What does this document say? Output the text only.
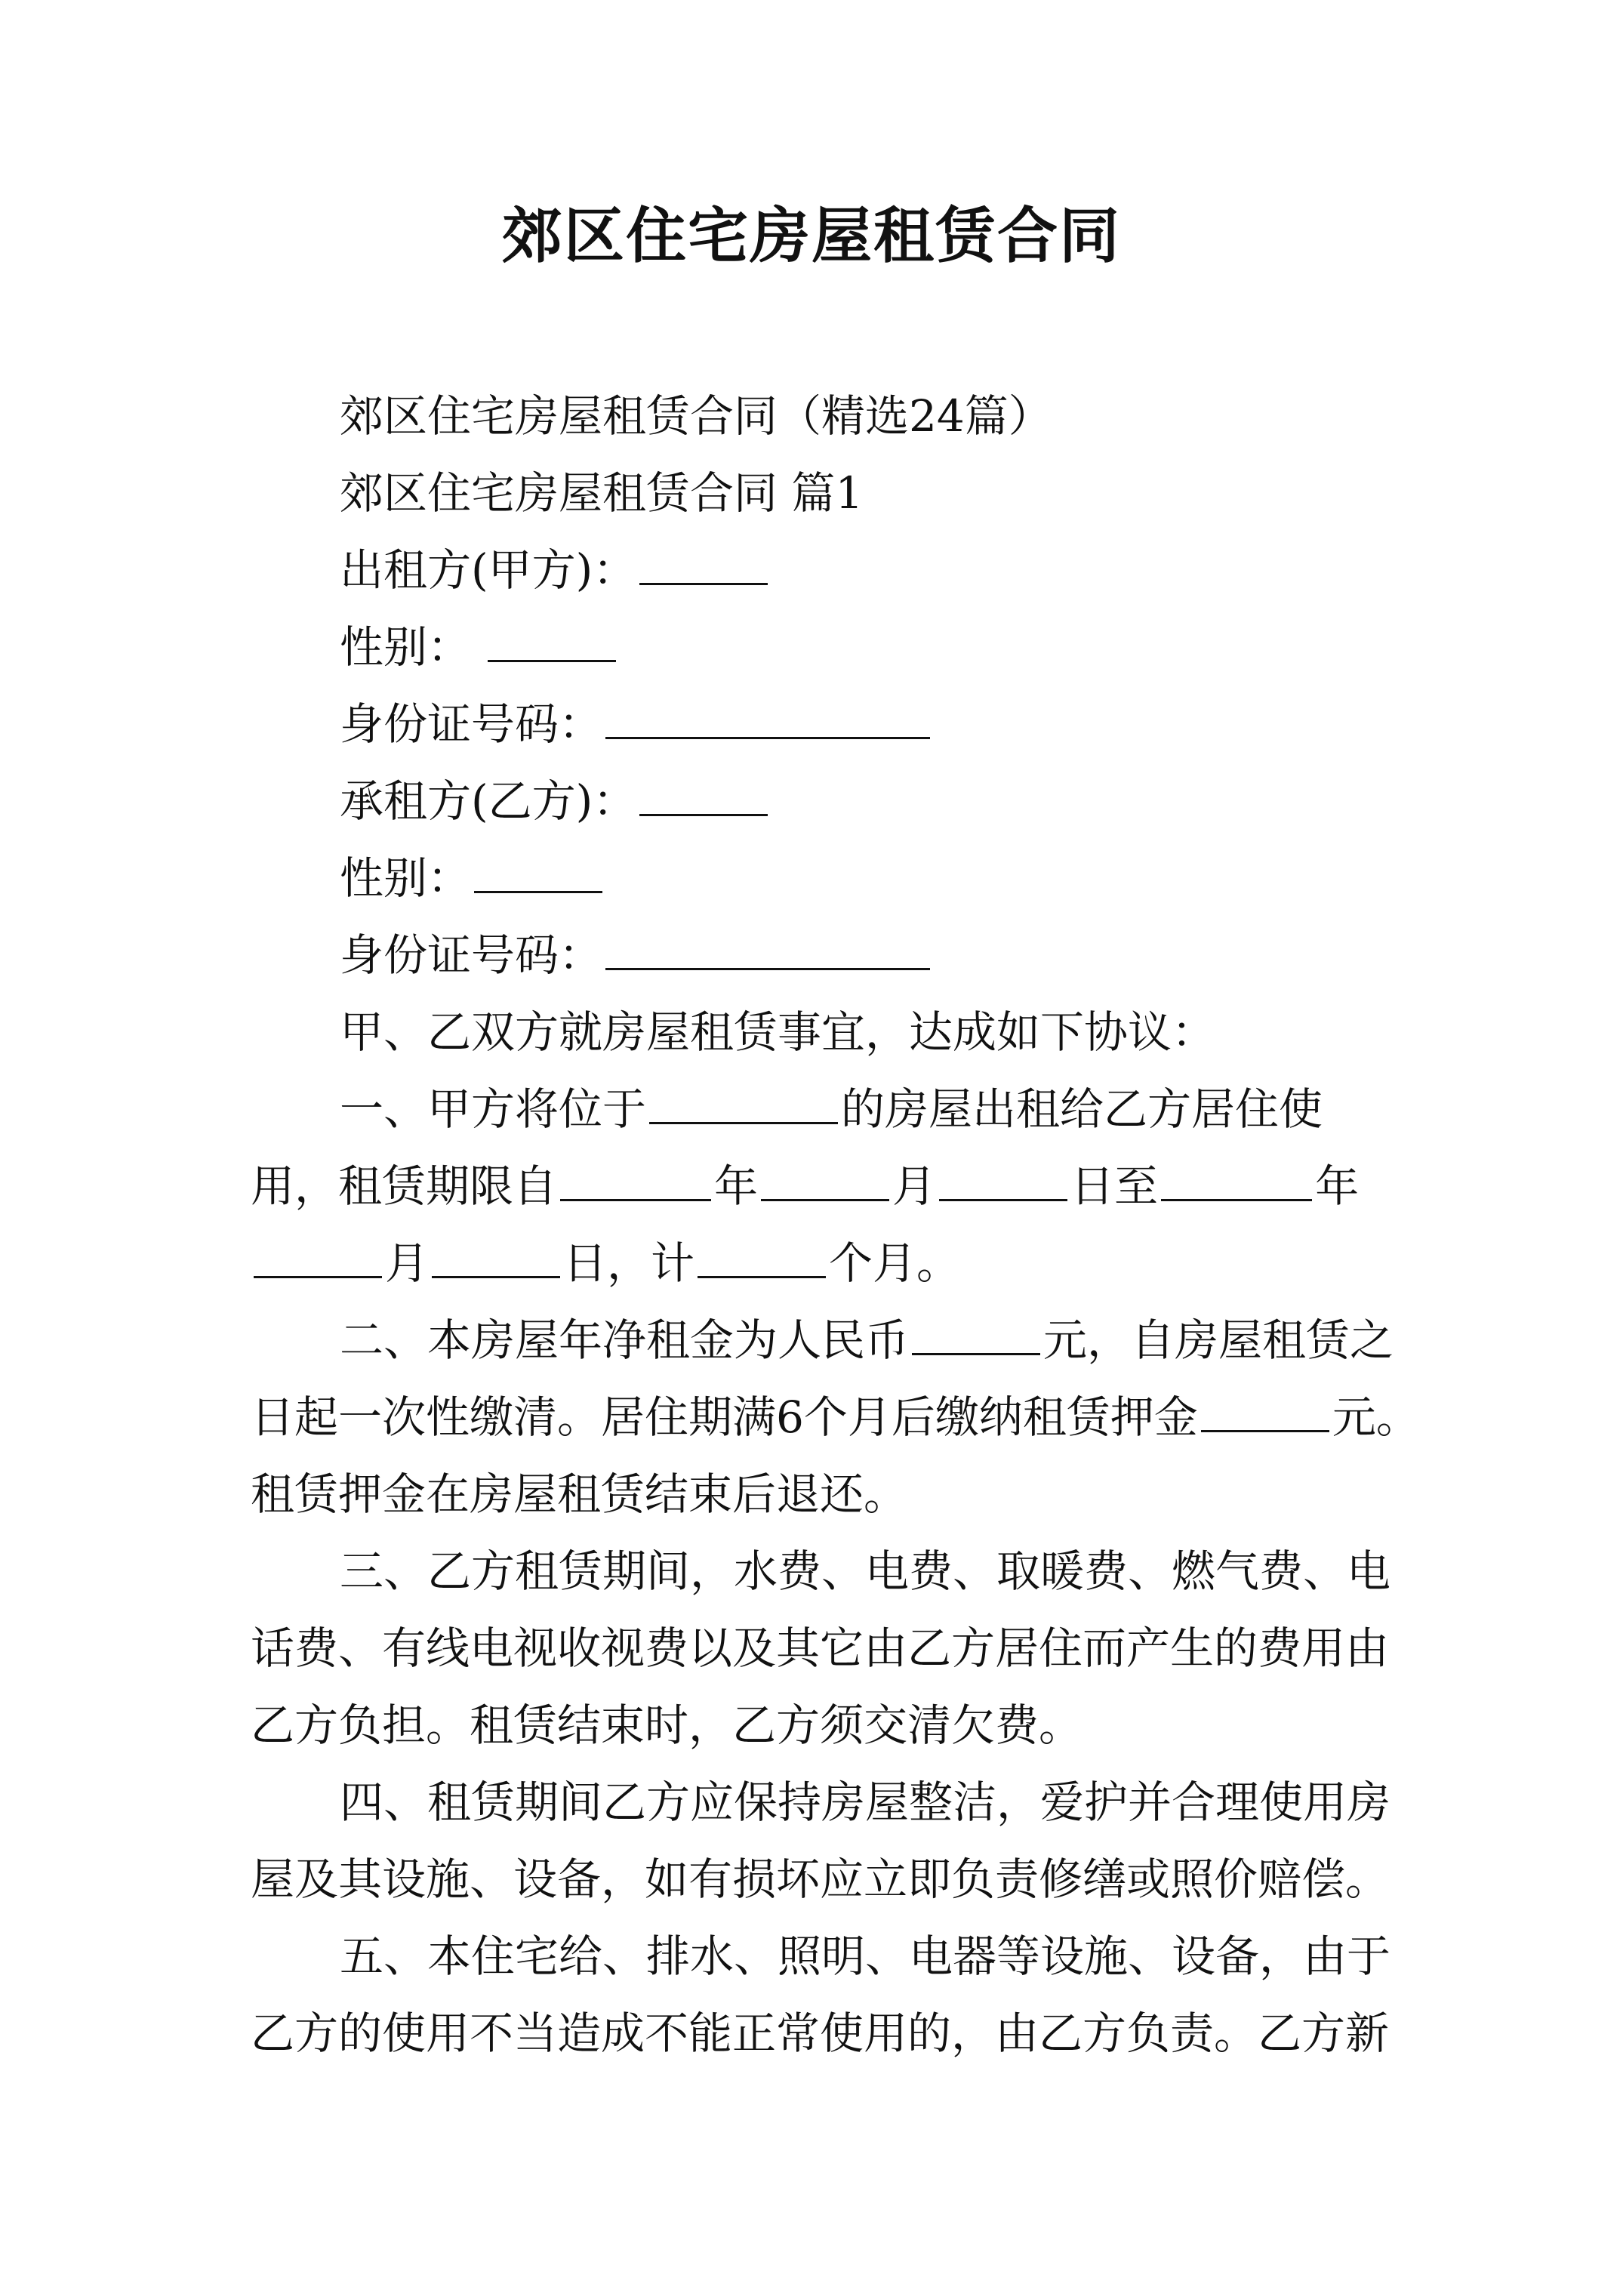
郊区住宅房屋租赁合同
郊区住宅房屋租赁合同（精选24篇）
郊区住宅房屋租赁合同 篇1
出租方(甲方)：
性别：
身份证号码：
承租方(乙方)：
性别：
身份证号码：
甲、乙双方就房屋租赁事宜，达成如下协议：
一、甲方将位于	的房屋出租给乙方居住使
用，租赁期限自	年	月	日至	年
月	日，计	个月。
二、本房屋年净租金为人民币	元，自房屋租赁之
日起一次性缴清。居住期满6个月后缴纳租赁押金	元。
租赁押金在房屋租赁结束后退还。
三、乙方租赁期间，水费、电费、取暖费、燃气费、电
话费、有线电视收视费以及其它由乙方居住而产生的费用由
乙方负担。租赁结束时，乙方须交清欠费。
四、租赁期间乙方应保持房屋整洁，爱护并合理使用房
屋及其设施、设备，如有损坏应立即负责修缮或照价赔偿。
五、本住宅给、排水、照明、电器等设施、设备，由于
乙方的使用不当造成不能正常使用的，由乙方负责。乙方新
